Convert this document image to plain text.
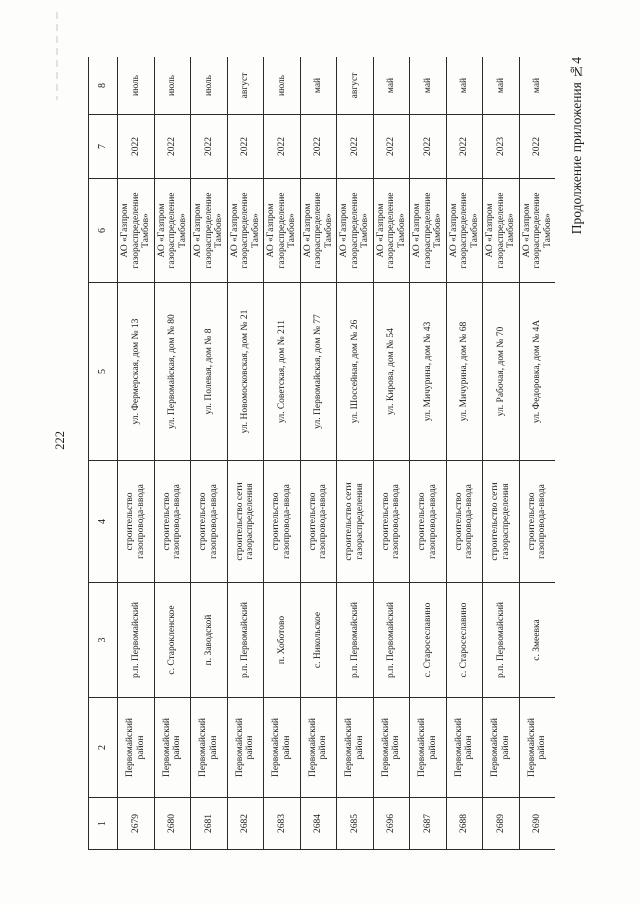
222
Продолжение приложения №4
1	2	3	4	5	6	7	8
2679	Первомайский район	р.п. Первомайский	строительство газопровода-ввода	ул. Фермерская, дом № 13	АО «Газпром газораспределение Тамбов»	2022	июль
2680	Первомайский район	с. Старокленское	строительство газопровода-ввода	ул. Первомайская, дом № 80	АО «Газпром газораспределение Тамбов»	2022	июль
2681	Первомайский район	п. Заводской	строительство газопровода-ввода	ул. Полевая, дом № 8	АО «Газпром газораспределение Тамбов»	2022	июль
2682	Первомайский район	р.п. Первомайский	строительство сети газораспределения	ул. Новомосковская, дом № 21	АО «Газпром газораспределение Тамбов»	2022	август
2683	Первомайский район	п. Хоботово	строительство газопровода-ввода	ул. Советская, дом № 211	АО «Газпром газораспределение Тамбов»	2022	июль
2684	Первомайский район	с. Никольское	строительство газопровода-ввода	ул. Первомайская, дом № 77	АО «Газпром газораспределение Тамбов»	2022	май
2685	Первомайский район	р.п. Первомайский	строительство сети газораспределения	ул. Шоссейная, дом № 26	АО «Газпром газораспределение Тамбов»	2022	август
2696	Первомайский район	р.п. Первомайский	строительство газопровода-ввода	ул. Кирова, дом № 54	АО «Газпром газораспределение Тамбов»	2022	май
2687	Первомайский район	с. Старосеславино	строительство газопровода-ввода	ул. Мичурина, дом № 43	АО «Газпром газораспределение Тамбов»	2022	май
2688	Первомайский район	с. Старосеславино	строительство газопровода-ввода	ул. Мичурина, дом № 68	АО «Газпром газораспределение Тамбов»	2022	май
2689	Первомайский район	р.п. Первомайский	строительство сети газораспределения	ул. Рабочая, дом № 70	АО «Газпром газораспределение Тамбов»	2023	май
2690	Первомайский район	с. Змеевка	строительство газопровода-ввода	ул. Федоровка, дом № 4А	АО «Газпром газораспределение Тамбов»	2022	май
